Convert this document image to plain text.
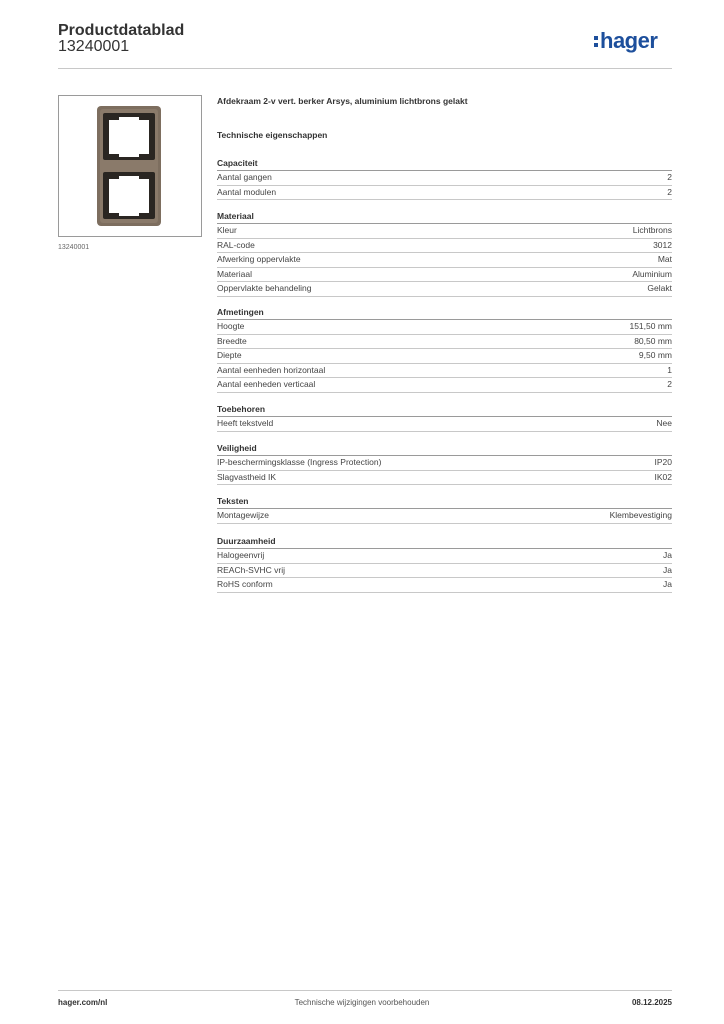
Productdatablad
13240001	hager
13240001
Afdekraam 2-v vert. berker Arsys, aluminium lichtbrons gelakt
Technische eigenschappen
Capaciteit
Aantal gangen	2
Aantal modulen	2
Materiaal
Kleur	Lichtbrons
RAL-code	3012
Afwerking oppervlakte	Mat
Materiaal	Aluminium
Oppervlakte behandeling	Gelakt
Afmetingen
Hoogte	151,50 mm
Breedte	80,50 mm
Diepte	9,50 mm
Aantal eenheden horizontaal	1
Aantal eenheden verticaal	2
Toebehoren
Heeft tekstveld	Nee
Veiligheid
IP-beschermingsklasse (Ingress Protection)	IP20
Slagvastheid IK	IK02
Teksten
Montagewijze	Klembevestiging
Duurzaamheid
Halogeenvrij	Ja
REACh-SVHC vrij	Ja
RoHS conform	Ja
hager.com/nl	Technische wijzigingen voorbehouden	08.12.2025
